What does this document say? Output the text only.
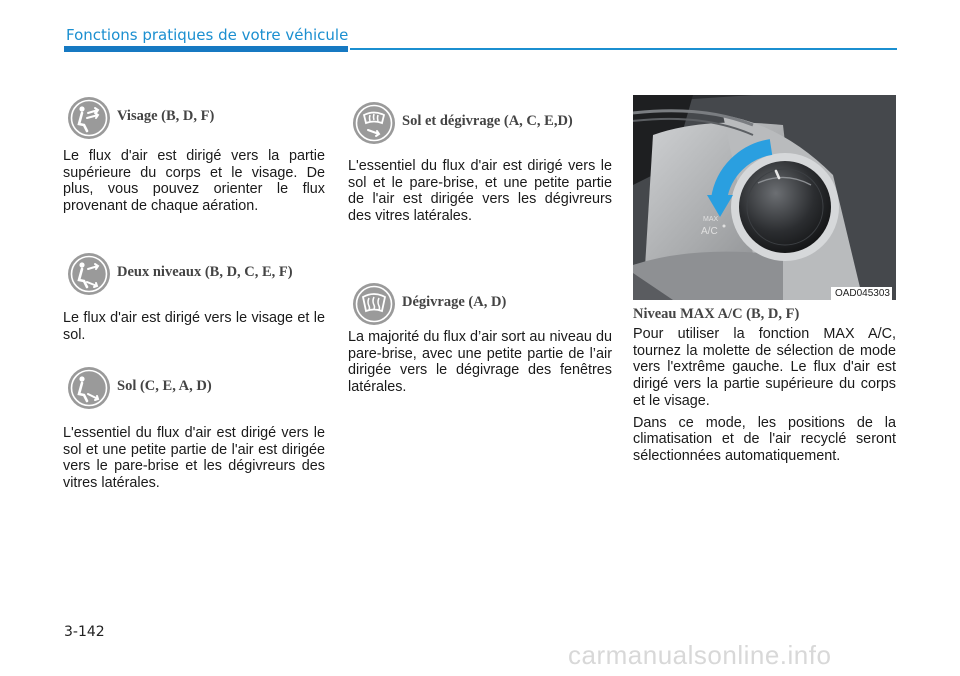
Fonctions pratiques de votre véhicule
Visage (B, D, F)

Le flux d'air est dirigé vers la partie supérieure du corps et le visage. De plus, vous pouvez orienter le flux provenant de chaque aération.

Deux niveaux (B, D, C, E, F)

Le flux d'air est dirigé vers le visage et le sol.

Sol (C, E, A, D)

L'essentiel du flux d'air est dirigé vers le sol et une petite partie de l'air est dirigée vers le pare-brise et les dégivreurs des vitres latérales.

Sol et dégivrage (A, C, E,D)

L'essentiel du flux d'air est dirigé vers le sol et le pare-brise, et une petite partie de l'air est dirigée vers les dégivreurs des vitres latérales.

Dégivrage (A, D)

La majorité du flux d’air sort au niveau du pare-brise, avec une petite partie de l’air dirigée vers le dégivrage des fenêtres latérales.

MAX
A/C
OAD045303

Niveau MAX A/C (B, D, F)

Pour utiliser la fonction MAX A/C, tournez la molette de sélection de mode vers l'extrême gauche. Le flux d'air est dirigé vers la partie supérieure du corps et le visage.

Dans ce mode, les positions de la climatisation et de l'air recyclé seront sélectionnées automatiquement.

3-142
carmanualsonline.info
